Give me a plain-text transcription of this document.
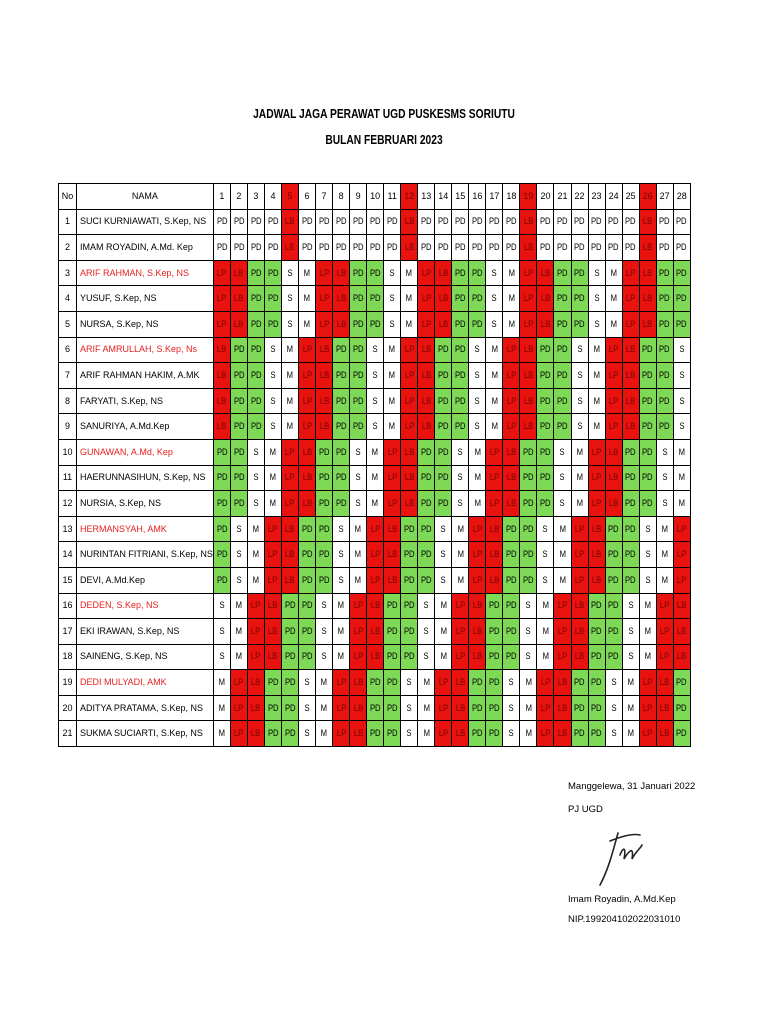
JADWAL JAGA PERAWAT UGD PUSKESMS SORIUTU
BULAN FEBRUARI 2023
No	NAMA	1	2	3	4	5	6	7	8	9	10	11	12	13	14	15	16	17	18	19	20	21	22	23	24	25	26	27	28
1	SUCI KURNIAWATI, S.Kep, NS	PD	PD	PD	PD	LB	PD	PD	PD	PD	PD	PD	LB	PD	PD	PD	PD	PD	PD	LB	PD	PD	PD	PD	PD	PD	LB	PD	PD
2	IMAM ROYADIN, A.Md. Kep	PD	PD	PD	PD	LB	PD	PD	PD	PD	PD	PD	LB	PD	PD	PD	PD	PD	PD	LB	PD	PD	PD	PD	PD	PD	LB	PD	PD
3	ARIF RAHMAN, S.Kep, NS	LP	LB	PD	PD	S	M	LP	LB	PD	PD	S	M	LP	LB	PD	PD	S	M	LP	LB	PD	PD	S	M	LP	LB	PD	PD
4	YUSUF, S.Kep, NS	LP	LB	PD	PD	S	M	LP	LB	PD	PD	S	M	LP	LB	PD	PD	S	M	LP	LB	PD	PD	S	M	LP	LB	PD	PD
5	NURSA, S.Kep, NS	LP	LB	PD	PD	S	M	LP	LB	PD	PD	S	M	LP	LB	PD	PD	S	M	LP	LB	PD	PD	S	M	LP	LB	PD	PD
6	ARIF AMRULLAH, S.Kep, Ns	LB	PD	PD	S	M	LP	LB	PD	PD	S	M	LP	LB	PD	PD	S	M	LP	LB	PD	PD	S	M	LP	LB	PD	PD	S
7	ARIF RAHMAN HAKIM, A.MK	LB	PD	PD	S	M	LP	LB	PD	PD	S	M	LP	LB	PD	PD	S	M	LP	LB	PD	PD	S	M	LP	LB	PD	PD	S
8	FARYATI, S.Kep, NS	LB	PD	PD	S	M	LP	LB	PD	PD	S	M	LP	LB	PD	PD	S	M	LP	LB	PD	PD	S	M	LP	LB	PD	PD	S
9	SANURIYA, A.Md.Kep	LB	PD	PD	S	M	LP	LB	PD	PD	S	M	LP	LB	PD	PD	S	M	LP	LB	PD	PD	S	M	LP	LB	PD	PD	S
10	GUNAWAN, A.Md, Kep	PD	PD	S	M	LP	LB	PD	PD	S	M	LP	LB	PD	PD	S	M	LP	LB	PD	PD	S	M	LP	LB	PD	PD	S	M
11	HAERUNNASIHUN, S.Kep, NS	PD	PD	S	M	LP	LB	PD	PD	S	M	LP	LB	PD	PD	S	M	LP	LB	PD	PD	S	M	LP	LB	PD	PD	S	M
12	NURSIA, S.Kep, NS	PD	PD	S	M	LP	LB	PD	PD	S	M	LP	LB	PD	PD	S	M	LP	LB	PD	PD	S	M	LP	LB	PD	PD	S	M
13	HERMANSYAH, AMK	PD	S	M	LP	LB	PD	PD	S	M	LP	LB	PD	PD	S	M	LP	LB	PD	PD	S	M	LP	LB	PD	PD	S	M	LP
14	NURINTAN FITRIANI, S.Kep, NS	PD	S	M	LP	LB	PD	PD	S	M	LP	LB	PD	PD	S	M	LP	LB	PD	PD	S	M	LP	LB	PD	PD	S	M	LP
15	DEVI, A.Md.Kep	PD	S	M	LP	LB	PD	PD	S	M	LP	LB	PD	PD	S	M	LP	LB	PD	PD	S	M	LP	LB	PD	PD	S	M	LP
16	DEDEN, S.Kep, NS	S	M	LP	LB	PD	PD	S	M	LP	LB	PD	PD	S	M	LP	LB	PD	PD	S	M	LP	LB	PD	PD	S	M	LP	LB
17	EKI IRAWAN, S.Kep, NS	S	M	LP	LB	PD	PD	S	M	LP	LB	PD	PD	S	M	LP	LB	PD	PD	S	M	LP	LB	PD	PD	S	M	LP	LB
18	SAINENG, S.Kep, NS	S	M	LP	LB	PD	PD	S	M	LP	LB	PD	PD	S	M	LP	LB	PD	PD	S	M	LP	LB	PD	PD	S	M	LP	LB
19	DEDI MULYADI, AMK	M	LP	LB	PD	PD	S	M	LP	LB	PD	PD	S	M	LP	LB	PD	PD	S	M	LP	LB	PD	PD	S	M	LP	LB	PD
20	ADITYA PRATAMA, S.Kep, NS	M	LP	LB	PD	PD	S	M	LP	LB	PD	PD	S	M	LP	LB	PD	PD	S	M	LP	LB	PD	PD	S	M	LP	LB	PD
21	SUKMA SUCIARTI, S.Kep, NS	M	LP	LB	PD	PD	S	M	LP	LB	PD	PD	S	M	LP	LB	PD	PD	S	M	LP	LB	PD	PD	S	M	LP	LB	PD
Manggelewa, 31 Januari 2022
PJ UGD
Imam Royadin, A.Md.Kep
NIP.199204102022031010
